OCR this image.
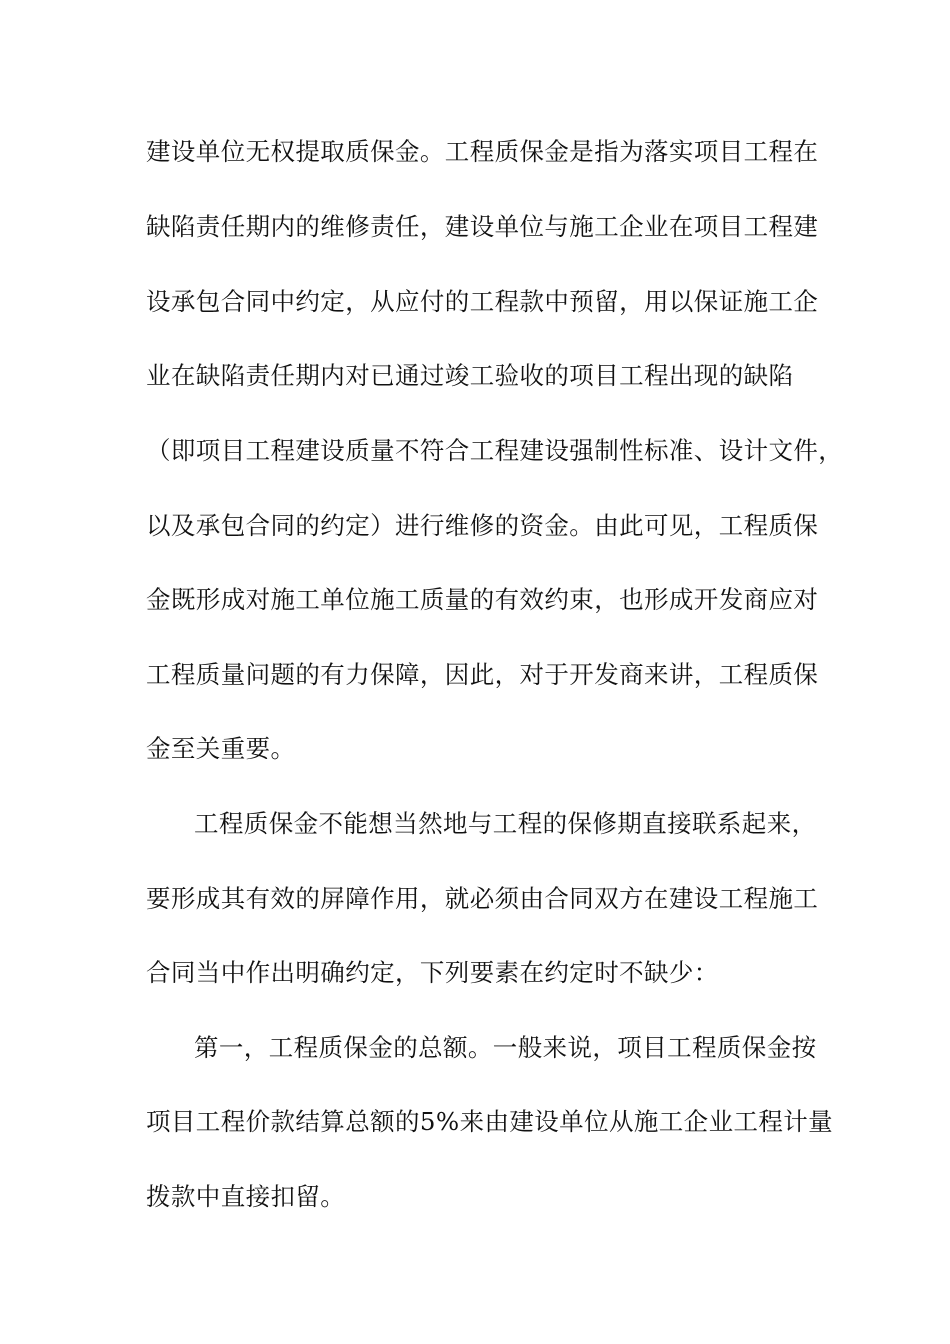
建设单位无权提取质保金。工程质保金是指为落实项目工程在
缺陷责任期内的维修责任，建设单位与施工企业在项目工程建
设承包合同中约定，从应付的工程款中预留，用以保证施工企
业在缺陷责任期内对已通过竣工验收的项目工程出现的缺陷
（即项目工程建设质量不符合工程建设强制性标准、设计文件，
以及承包合同的约定）进行维修的资金。由此可见，工程质保
金既形成对施工单位施工质量的有效约束，也形成开发商应对
工程质量问题的有力保障，因此，对于开发商来讲，工程质保
金至关重要。
工程质保金不能想当然地与工程的保修期直接联系起来，
要形成其有效的屏障作用，就必须由合同双方在建设工程施工
合同当中作出明确约定，下列要素在约定时不缺少：
第一，工程质保金的总额。一般来说，项目工程质保金按
项目工程价款结算总额的5%来由建设单位从施工企业工程计量
拨款中直接扣留。
